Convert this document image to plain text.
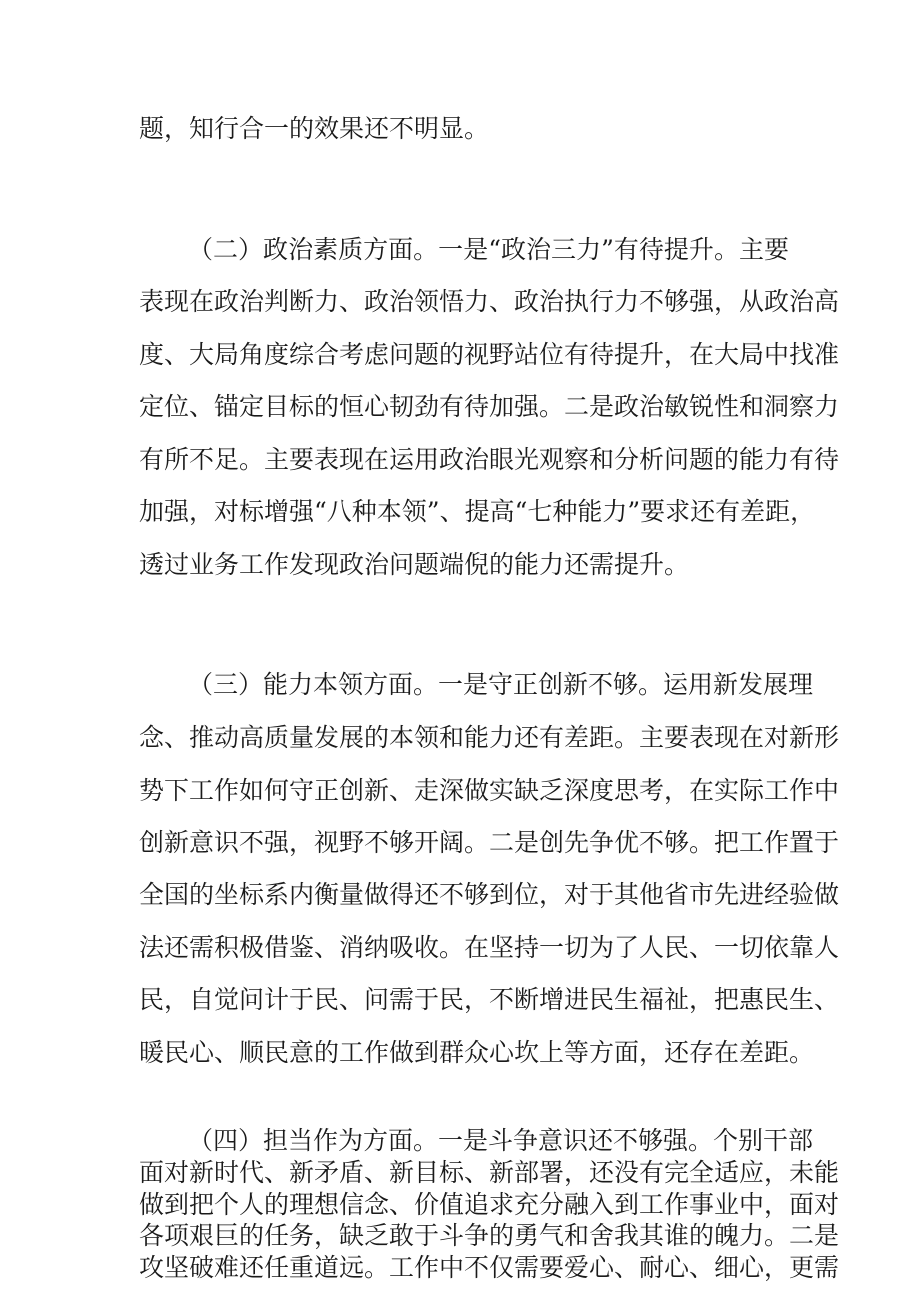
题，知行合一的效果还不明显。
（二）政治素质方面。一是“政治三力”有待提升。主要
表现在政治判断力、政治领悟力、政治执行力不够强，从政治高
度、大局角度综合考虑问题的视野站位有待提升，在大局中找准
定位、锚定目标的恒心韧劲有待加强。二是政治敏锐性和洞察力
有所不足。主要表现在运用政治眼光观察和分析问题的能力有待
加强，对标增强“八种本领”、提高“七种能力”要求还有差距，
透过业务工作发现政治问题端倪的能力还需提升。
（三）能力本领方面。一是守正创新不够。运用新发展理
念、推动高质量发展的本领和能力还有差距。主要表现在对新形
势下工作如何守正创新、走深做实缺乏深度思考，在实际工作中
创新意识不强，视野不够开阔。二是创先争优不够。把工作置于
全国的坐标系内衡量做得还不够到位，对于其他省市先进经验做
法还需积极借鉴、消纳吸收。在坚持一切为了人民、一切依靠人
民，自觉问计于民、问需于民，不断增进民生福祉，把惠民生、
暖民心、顺民意的工作做到群众心坎上等方面，还存在差距。
（四）担当作为方面。一是斗争意识还不够强。个别干部
面对新时代、新矛盾、新目标、新部署，还没有完全适应，未能
做到把个人的理想信念、价值追求充分融入到工作事业中，面对
各项艰巨的任务，缺乏敢于斗争的勇气和舍我其谁的魄力。二是
攻坚破难还任重道远。工作中不仅需要爱心、耐心、细心，更需
